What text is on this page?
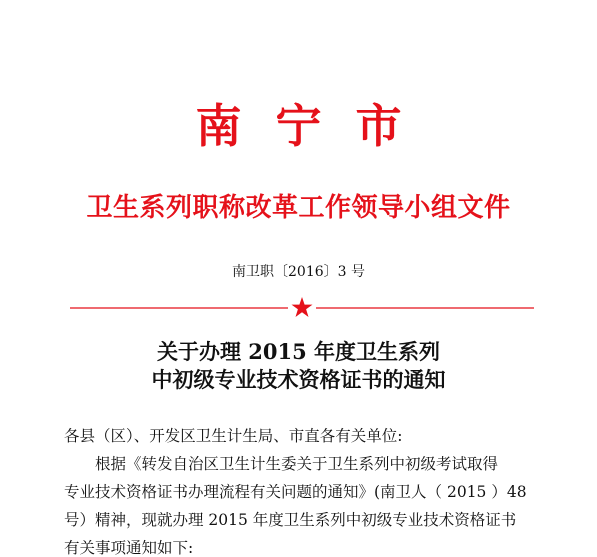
南宁市
卫生系列职称改革工作领导小组文件
南卫职〔2016〕3 号
关于办理 2015 年度卫生系列
中初级专业技术资格证书的通知

各县（区）、开发区卫生计生局、市直各有关单位:

根据《转发自治区卫生计生委关于卫生系列中初级考试取得

专业技术资格证书办理流程有关问题的通知》(南卫人（ 2015 ）48

号）精神，现就办理 2015 年度卫生系列中初级专业技术资格证书

有关事项通知如下:
